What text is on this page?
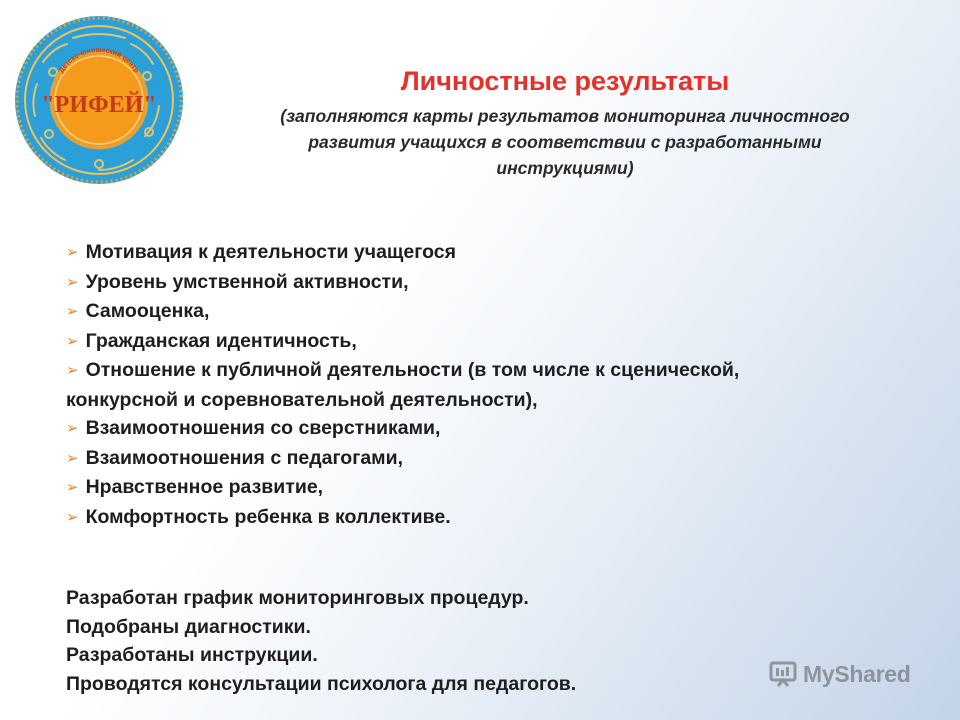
Детско-юношеский центр
"РИФЕЙ"
Личностные результаты

(заполняются карты результатов мониторинга личностного
развития учащихся в соответствии с разработанными
инструкциями)

➢ Мотивация к деятельности учащегося
➢ Уровень умственной активности,
➢ Самооценка,
➢ Гражданская идентичность,
➢ Отношение к публичной деятельности (в том числе к сценической,
конкурсной и соревновательной деятельности),
➢ Взаимоотношения со сверстниками,
➢ Взаимоотношения с педагогами,
➢ Нравственное развитие,
➢ Комфортность ребенка в коллективе.
Разработан график мониторинговых процедур.
Подобраны диагностики.
Разработаны инструкции.
Проводятся консультации психолога для педагогов.	MyShared
